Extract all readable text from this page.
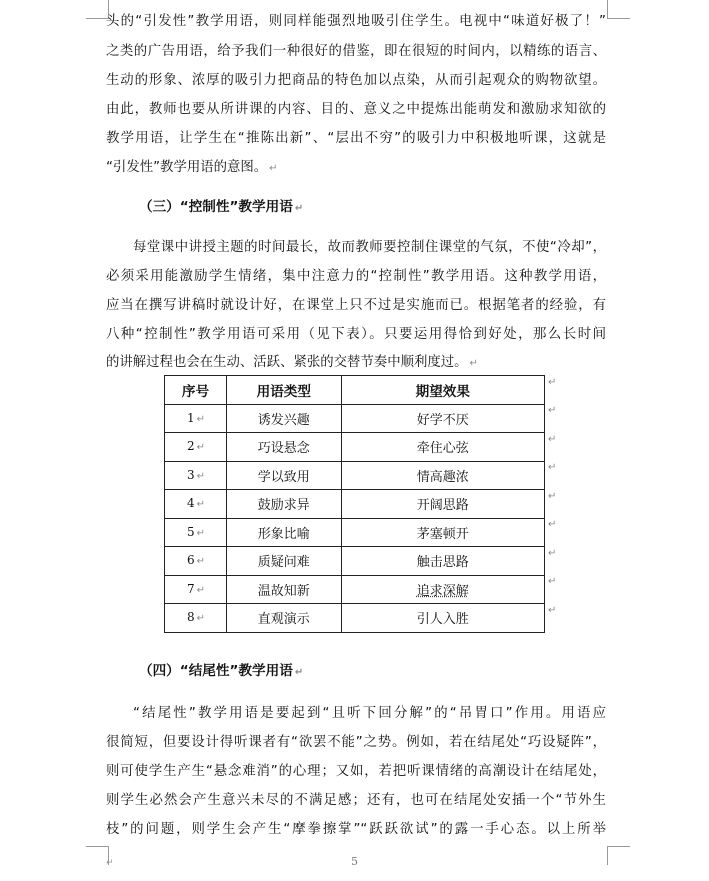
头的“引发性”教学用语，则同样能强烈地吸引住学生。电视中“味道好极了！”
之类的广告用语，给予我们一种很好的借鉴，即在很短的时间内，以精练的语言、
生动的形象、浓厚的吸引力把商品的特色加以点染，从而引起观众的购物欲望。
由此，教师也要从所讲课的内容、目的、意义之中提炼出能萌发和激励求知欲的
教学用语，让学生在“推陈出新”、“层出不穷”的吸引力中积极地听课，这就是
“引发性”教学用语的意图。 ↵
（三）“控制性”教学用语 ↵
每堂课中讲授主题的时间最长，故而教师要控制住课堂的气氛，不使“冷却”，
必须采用能激励学生情绪，集中注意力的“控制性”教学用语。这种教学用语，
应当在撰写讲稿时就设计好，在课堂上只不过是实施而已。根据笔者的经验，有
八种“控制性”教学用语可采用（见下表）。只要运用得恰到好处，那么长时间
的讲解过程也会在生动、活跃、紧张的交替节奏中顺利度过。 ↵
序号	用语类型	期望效果
1 ↵	诱发兴趣	好学不厌
2 ↵	巧设悬念	牵住心弦
3 ↵	学以致用	情高趣浓
4 ↵	鼓励求异	开阔思路
5 ↵	形象比喻	茅塞顿开
6 ↵	质疑问难	触击思路
7 ↵	温故知新	追求深解
8 ↵	直观演示	引人入胜
↵
↵
↵
↵
↵
↵
↵
↵
↵
（四）“结尾性”教学用语 ↵
“结尾性”教学用语是要起到“且听下回分解”的“吊胃口”作用。用语应
很简短，但要设计得听课者有“欲罢不能”之势。例如，若在结尾处“巧设疑阵”，
则可使学生产生“悬念难消”的心理；又如，若把听课情绪的高潮设计在结尾处，
则学生必然会产生意兴未尽的不满足感；还有，也可在结尾处安插一个“节外生
枝”的问题，则学生会产生“摩拳擦掌”“跃跃欲试”的露一手心态。以上所举
↵	5
